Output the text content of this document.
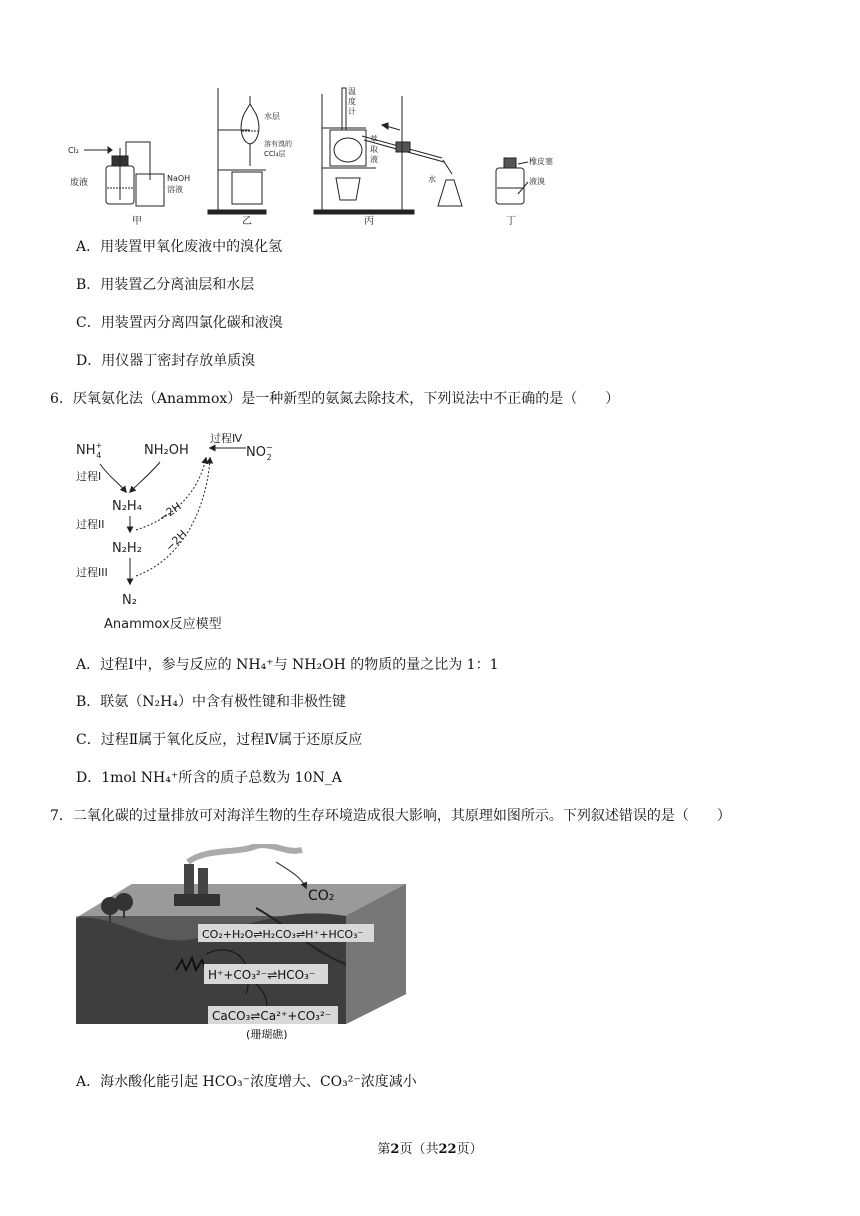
Cl₂
废液	NaOH
溶液
甲
水层
溶有溴的
CCl₄层
乙
温
度
计
萃
取
液
水
丙
橡皮塞
液溴
丁
A．用装置甲氧化废液中的溴化氢
B．用装置乙分离油层和水层
C．用装置丙分离四氯化碳和液溴
D．用仪器丁密封存放单质溴
6．厌氧氨化法（Anammox）是一种新型的氨氮去除技术，下列说法中不正确的是（　　）
NH+ 4	NH₂OH
过程Ⅳ
NO− 2
过程I
N₂H₄
过程II
N₂H₂
过程III
N₂
−2H
−2H
Anammox反应模型
A．过程Ⅰ中，参与反应的 NH₄⁺与 NH₂OH 的物质的量之比为 1：1
B．联氨（N₂H₄）中含有极性键和非极性键
C．过程Ⅱ属于氧化反应，过程Ⅳ属于还原反应
D．1mol NH₄⁺所含的质子总数为 10N_A
7．二氧化碳的过量排放可对海洋生物的生存环境造成很大影响，其原理如图所示。下列叙述错误的是（　　）
CO₂
CO₂+H₂O⇌H₂CO₃⇌H⁺+HCO₃⁻
H⁺+CO₃²⁻⇌HCO₃⁻
CaCO₃⇌Ca²⁺+CO₃²⁻
(珊瑚礁)
A．海水酸化能引起 HCO₃⁻浓度增大、CO₃²⁻浓度减小
第2页（共22页）
